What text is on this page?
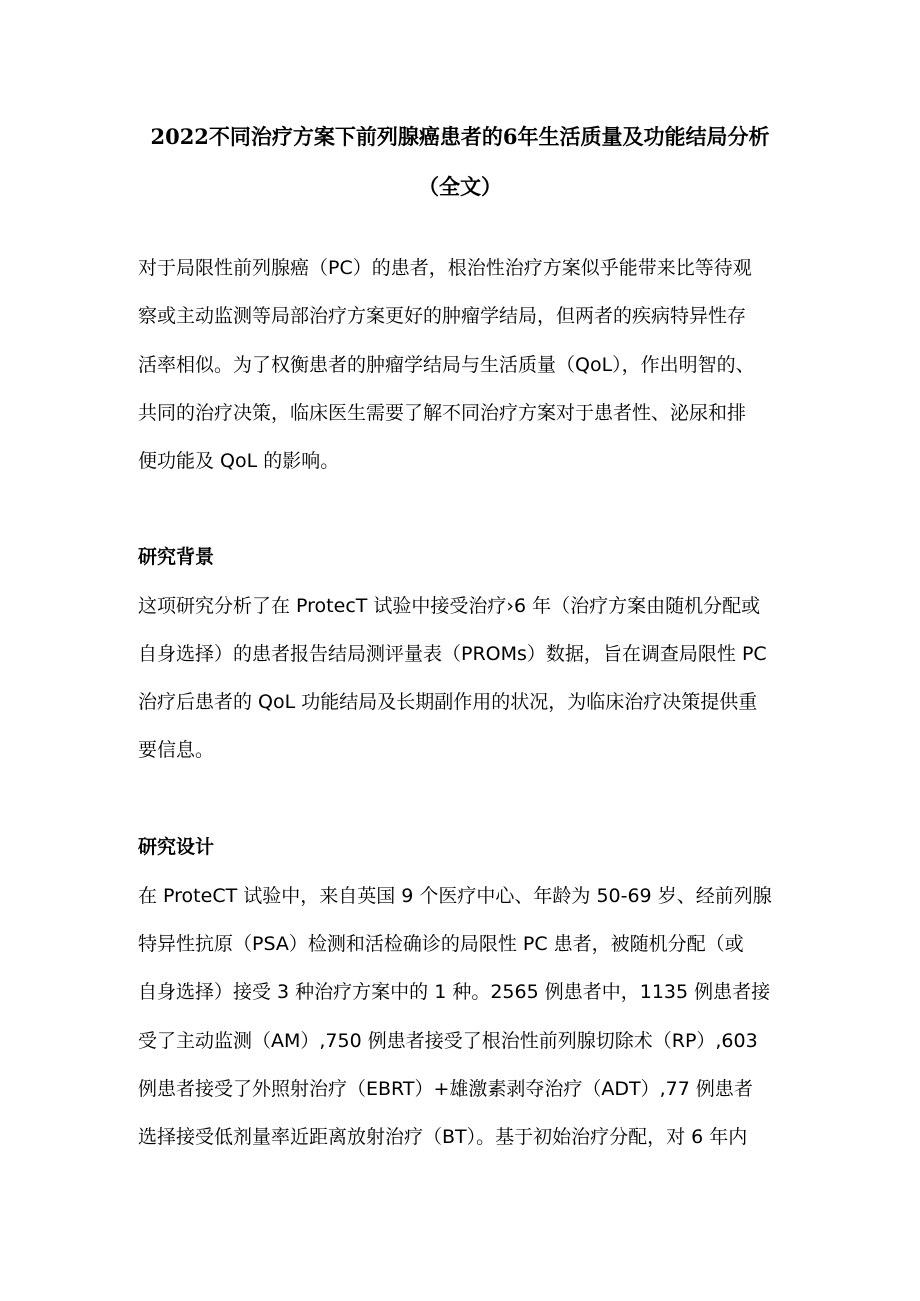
2022不同治疗方案下前列腺癌患者的6年生活质量及功能结局分析
（全文）
对于局限性前列腺癌（PC）的患者，根治性治疗方案似乎能带来比等待观
察或主动监测等局部治疗方案更好的肿瘤学结局，但两者的疾病特异性存
活率相似。为了权衡患者的肿瘤学结局与生活质量（QoL），作出明智的、
共同的治疗决策，临床医生需要了解不同治疗方案对于患者性、泌尿和排
便功能及 QoL 的影响。
研究背景
这项研究分析了在 ProtecT 试验中接受治疗›6 年（治疗方案由随机分配或
自身选择）的患者报告结局测评量表（PROMs）数据，旨在调查局限性 PC
治疗后患者的 QoL 功能结局及长期副作用的状况，为临床治疗决策提供重
要信息。
研究设计
在 ProteCT 试验中，来自英国 9 个医疗中心、年龄为 50-69 岁、经前列腺
特异性抗原（PSA）检测和活检确诊的局限性 PC 患者，被随机分配（或
自身选择）接受 3 种治疗方案中的 1 种。2565 例患者中，1135 例患者接
受了主动监测（AM）,750 例患者接受了根治性前列腺切除术（RP）,603
例患者接受了外照射治疗（EBRT）+雄激素剥夺治疗（ADT）,77 例患者
选择接受低剂量率近距离放射治疗（BT）。基于初始治疗分配，对 6 年内
